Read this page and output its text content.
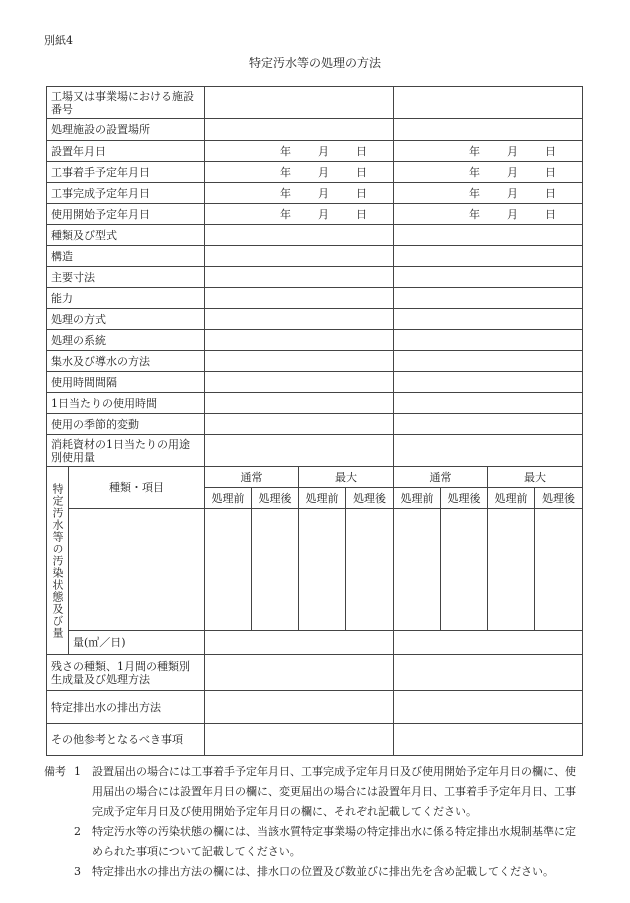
別紙4
特定汚水等の処理の方法
工場又は事業場における施設番号									
処理施設の設置場所									
設置年月日		年 月 日				年 月 日			

工事着手予定年月日		年 月 日				年 月 日			

工事完成予定年月日		年 月 日				年 月 日			

使用開始予定年月日		年 月 日				年 月 日			

種類及び型式									
構造									
主要寸法									
能力									
処理の方式									
処理の系統									
集水及び導水の方法									
使用時間間隔									
1日当たりの使用時間									
使用の季節的変動									
消耗資材の1日当たりの用途別使用量									
特定汚水等の汚染状態及び量	種類・項目	通常		最大		通常		最大	
		処理前	処理後	処理前	処理後	処理前	処理後	処理前	処理後

	量(㎥／日)								
残さの種類、1月間の種類別生成量及び処理方法									
特定排出水の排出方法									
その他参考となるべき事項									
備考 1	設置届出の場合には工事着手予定年月日、工事完成予定年月日及び使用開始予定年月日の欄に、使用届出の場合には設置年月日の欄に、変更届出の場合には設置年月日、工事着手予定年月日、工事完成予定年月日及び使用開始予定年月日の欄に、それぞれ記載してください。
2	特定汚水等の汚染状態の欄には、当該水質特定事業場の特定排出水に係る特定排出水規制基準に定められた事項について記載してください。
3	特定排出水の排出方法の欄には、排水口の位置及び数並びに排出先を含め記載してください。
